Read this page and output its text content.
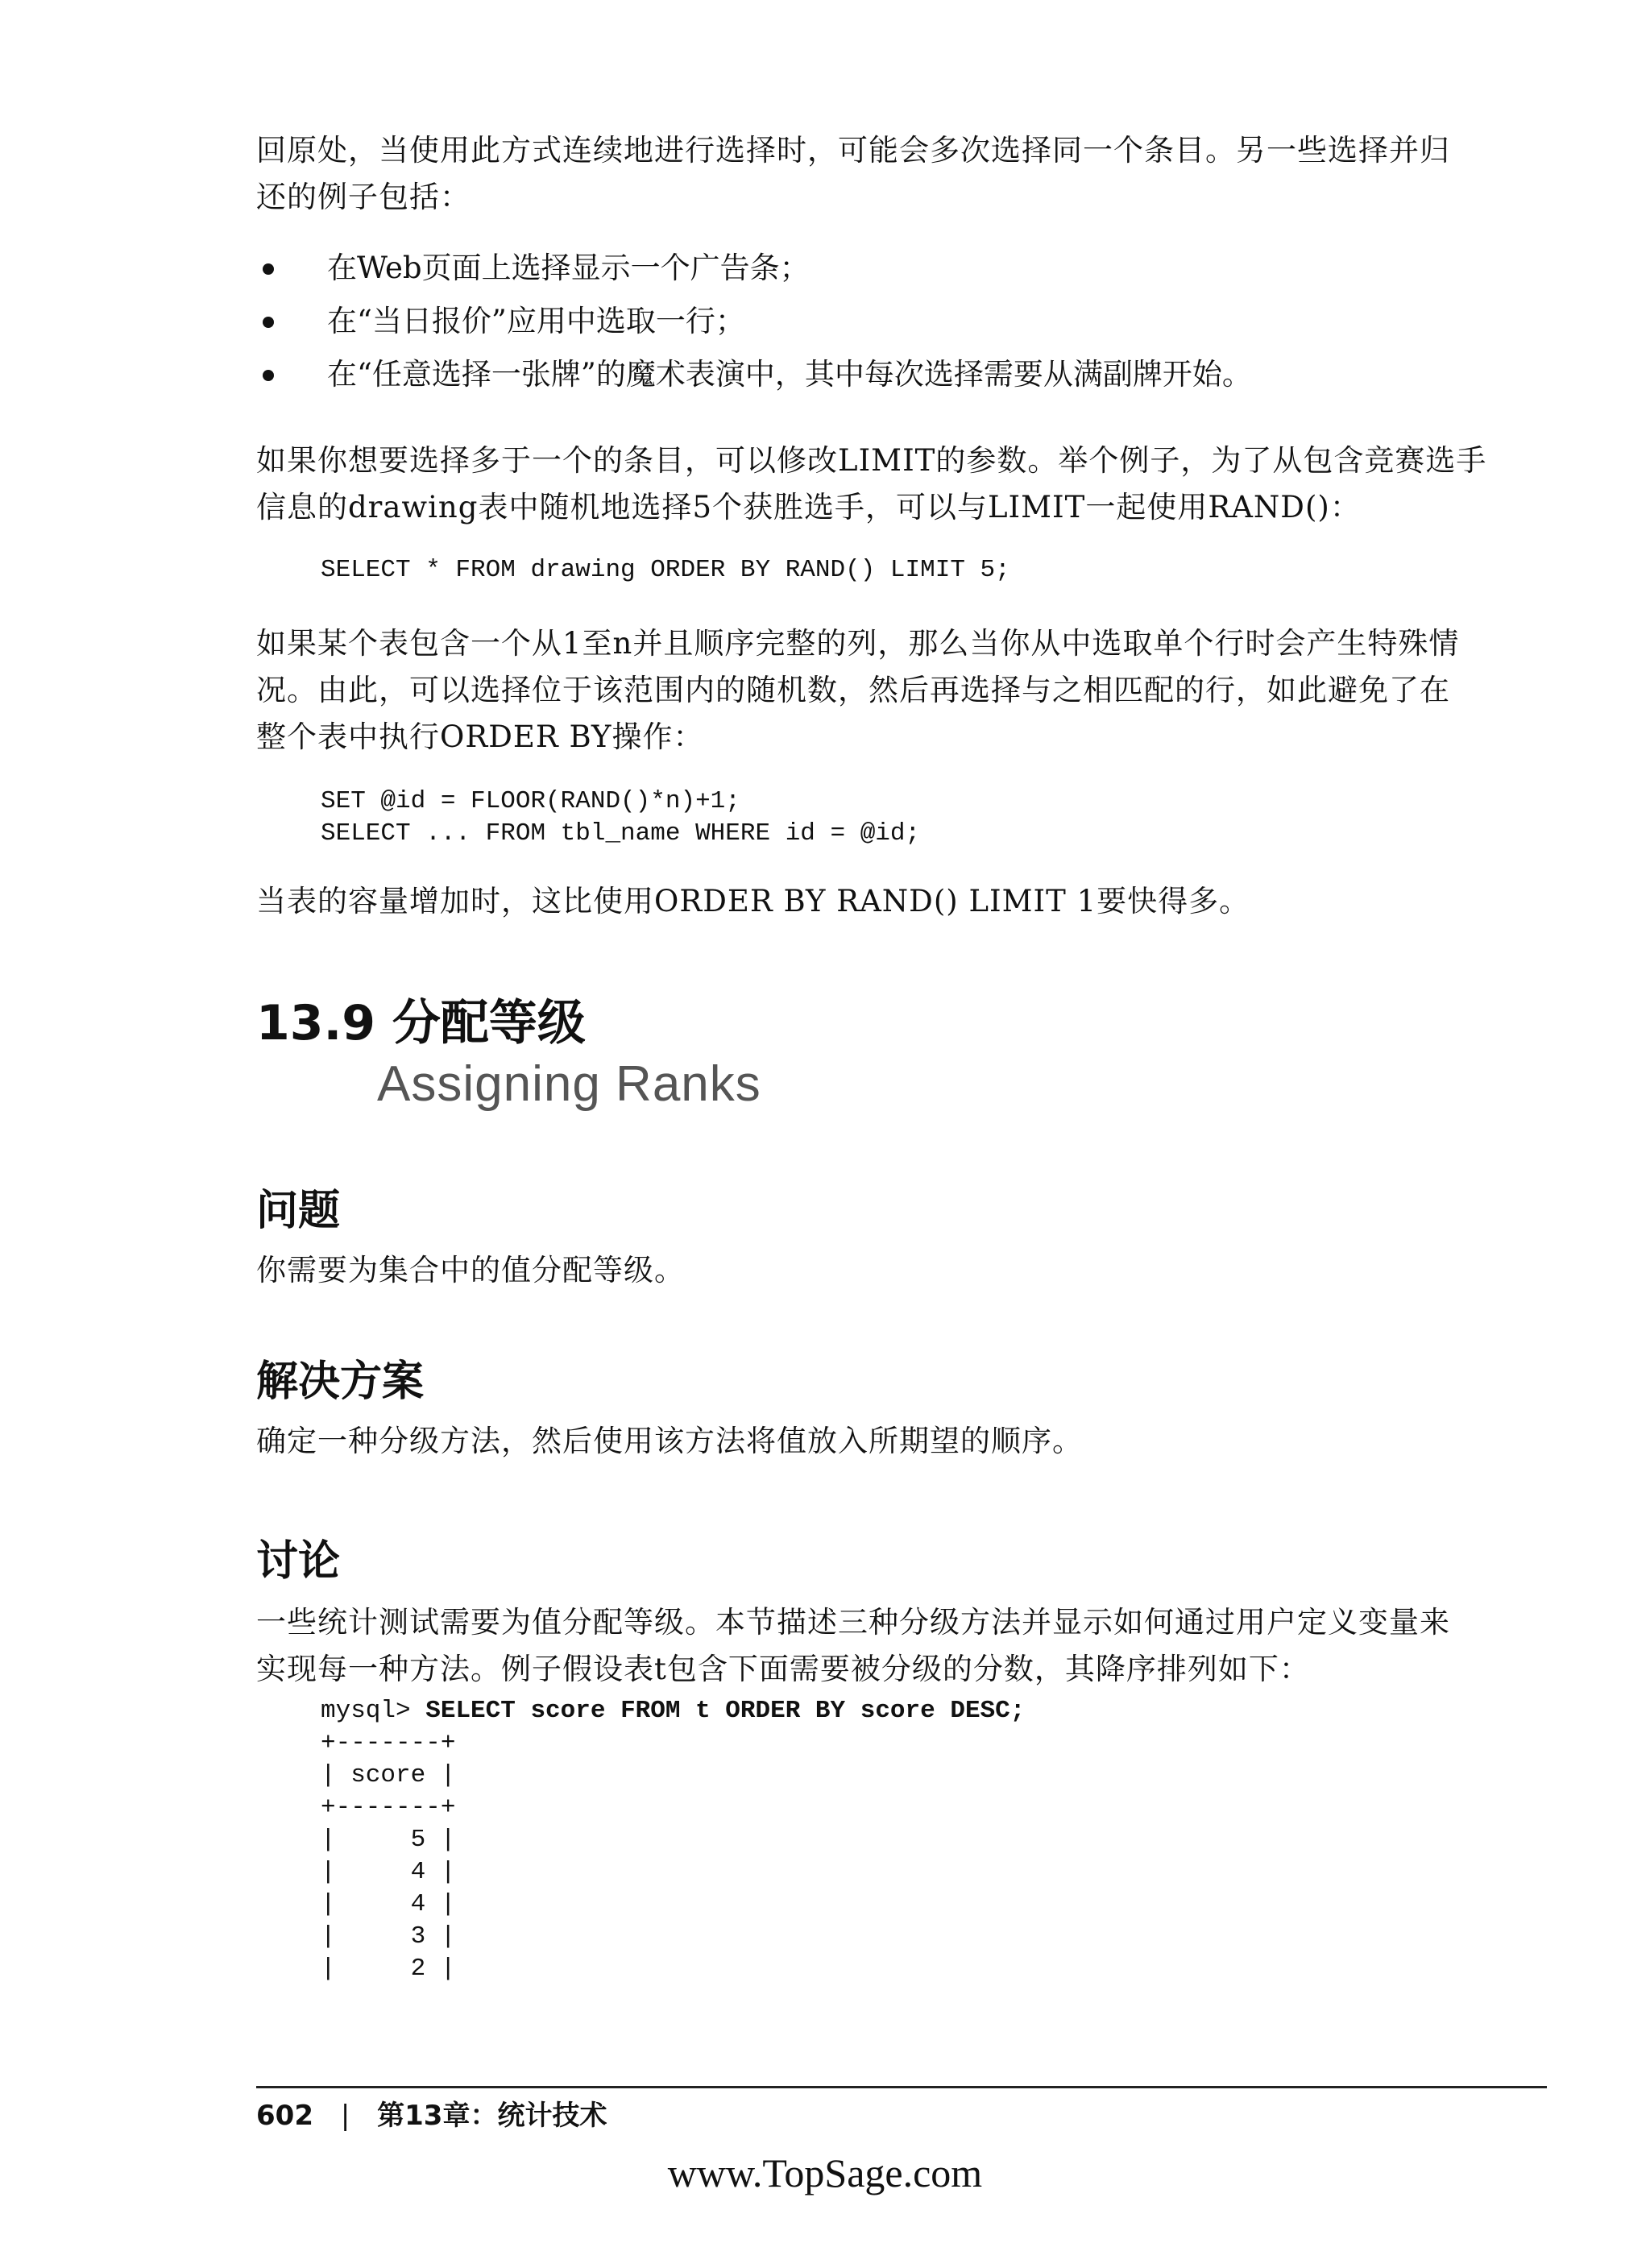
回原处，当使用此方式连续地进行选择时，可能会多次选择同一个条目。另一些选择并归

还的例子包括：

在Web页面上选择显示一个广告条；
在“当日报价”应用中选取一行；
在“任意选择一张牌”的魔术表演中，其中每次选择需要从满副牌开始。

如果你想要选择多于一个的条目，可以修改LIMIT的参数。举个例子，为了从包含竞赛选手

信息的drawing表中随机地选择5个获胜选手，可以与LIMIT一起使用RAND()：

SELECT * FROM drawing ORDER BY RAND() LIMIT 5;

如果某个表包含一个从1至n并且顺序完整的列，那么当你从中选取单个行时会产生特殊情

况。由此，可以选择位于该范围内的随机数，然后再选择与之相匹配的行，如此避免了在

整个表中执行ORDER BY操作：

SET @id = FLOOR(RAND()*n)+1;
SELECT ... FROM tbl_name WHERE id = @id;

当表的容量增加时，这比使用ORDER BY RAND() LIMIT 1要快得多。

13.9 分配等级
Assigning Ranks
问题

你需要为集合中的值分配等级。

解决方案

确定一种分级方法，然后使用该方法将值放入所期望的顺序。

讨论

一些统计测试需要为值分配等级。本节描述三种分级方法并显示如何通过用户定义变量来

实现每一种方法。例子假设表t包含下面需要被分级的分数，其降序排列如下：

mysql> SELECT score FROM t ORDER BY score DESC;
+-------+
| score |
+-------+
|     5 |
|     4 |
|     4 |
|     3 |
|     2 |
602 | 第13章：统计技术
www.TopSage.com
